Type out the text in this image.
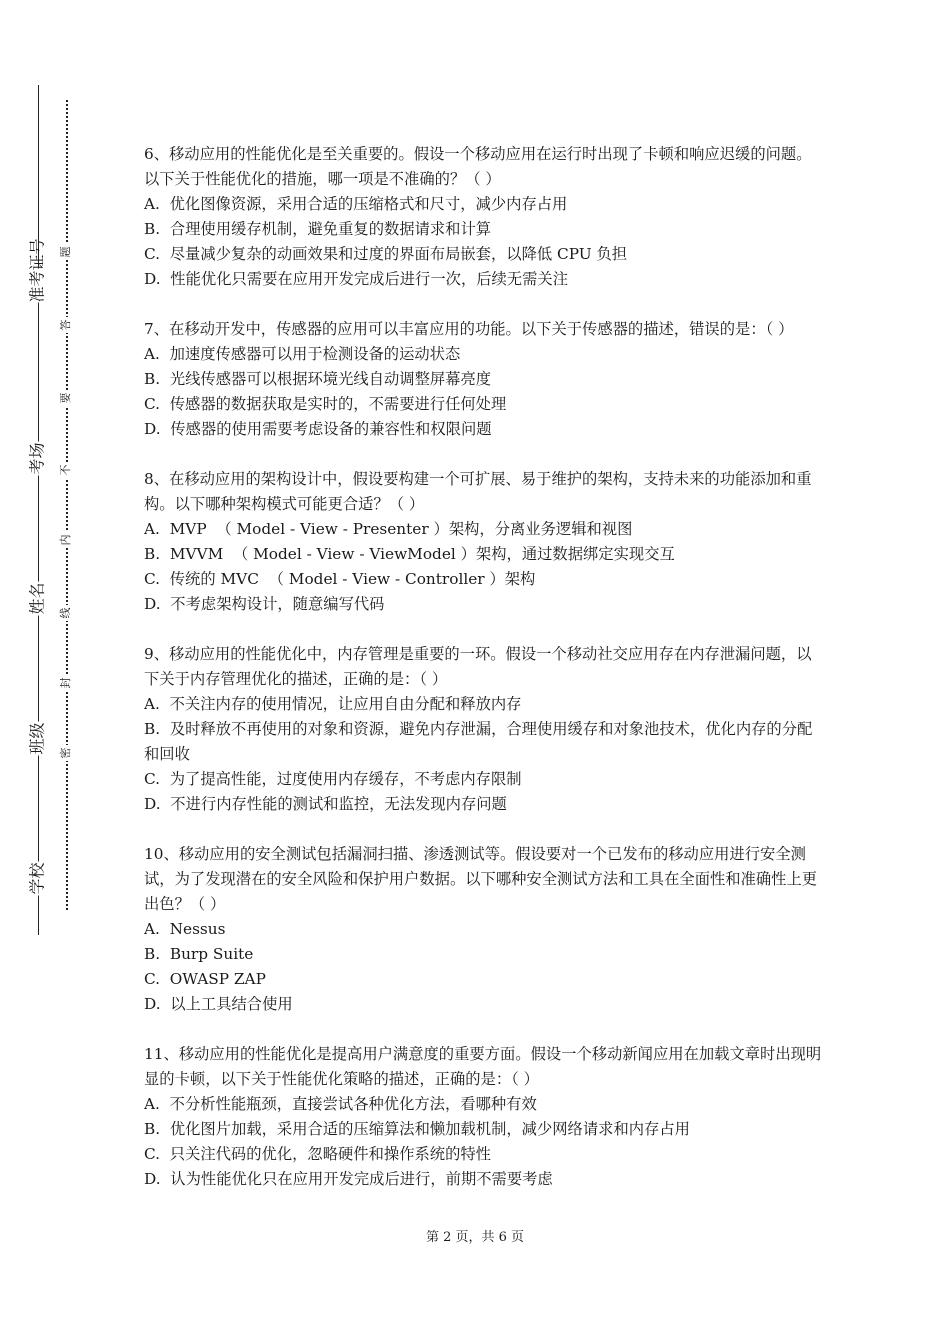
学校
班级
姓名
考场
准考证号
密
封
线
内
不
要
答
题

6、移动应用的性能优化是至关重要的。假设一个移动应用在运行时出现了卡顿和响应迟缓的问题。以下关于性能优化的措施，哪一项是不准确的？（ ）

A.  优化图像资源，采用合适的压缩格式和尺寸，减少内存占用

B.  合理使用缓存机制，避免重复的数据请求和计算

C.  尽量减少复杂的动画效果和过度的界面布局嵌套，以降低 CPU 负担

D.  性能优化只需要在应用开发完成后进行一次，后续无需关注

7、在移动开发中，传感器的应用可以丰富应用的功能。以下关于传感器的描述，错误的是：（ ）

A.  加速度传感器可以用于检测设备的运动状态

B.  光线传感器可以根据环境光线自动调整屏幕亮度

C.  传感器的数据获取是实时的，不需要进行任何处理

D.  传感器的使用需要考虑设备的兼容性和权限问题

8、在移动应用的架构设计中，假设要构建一个可扩展、易于维护的架构，支持未来的功能添加和重构。以下哪种架构模式可能更合适？（ ）

A.  MVP  （ Model - View - Presenter ）架构，分离业务逻辑和视图

B.  MVVM  （ Model - View - ViewModel ）架构，通过数据绑定实现交互

C.  传统的 MVC  （ Model - View - Controller ）架构

D.  不考虑架构设计，随意编写代码

9、移动应用的性能优化中，内存管理是重要的一环。假设一个移动社交应用存在内存泄漏问题，以下关于内存管理优化的描述，正确的是：（ ）

A.  不关注内存的使用情况，让应用自由分配和释放内存

B.  及时释放不再使用的对象和资源，避免内存泄漏，合理使用缓存和对象池技术，优化内存的分配和回收

C.  为了提高性能，过度使用内存缓存，不考虑内存限制

D.  不进行内存性能的测试和监控，无法发现内存问题

10、移动应用的安全测试包括漏洞扫描、渗透测试等。假设要对一个已发布的移动应用进行安全测试，为了发现潜在的安全风险和保护用户数据。以下哪种安全测试方法和工具在全面性和准确性上更出色？（ ）

A.  Nessus

B.  Burp Suite

C.  OWASP ZAP

D.  以上工具结合使用

11、移动应用的性能优化是提高用户满意度的重要方面。假设一个移动新闻应用在加载文章时出现明显的卡顿，以下关于性能优化策略的描述，正确的是：（ ）

A.  不分析性能瓶颈，直接尝试各种优化方法，看哪种有效

B.  优化图片加载，采用合适的压缩算法和懒加载机制，减少网络请求和内存占用

C.  只关注代码的优化，忽略硬件和操作系统的特性

D.  认为性能优化只在应用开发完成后进行，前期不需要考虑

第 2 页，共 6 页
